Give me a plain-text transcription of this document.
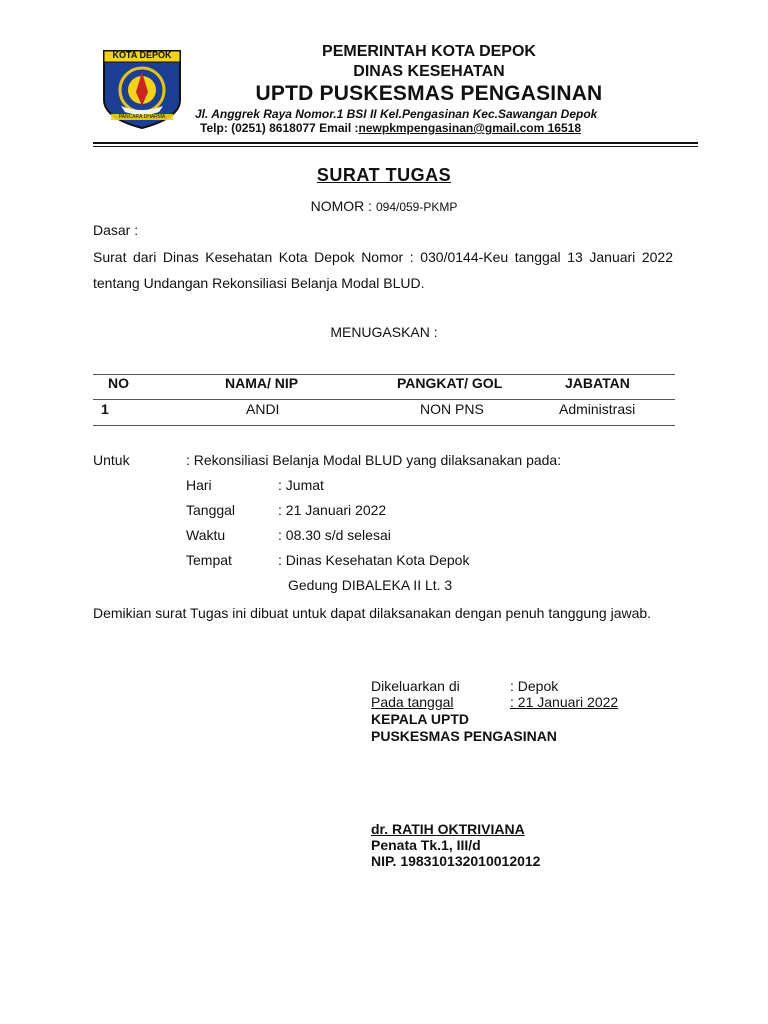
KOTA DEPOK
PANCARA DHARMA
PEMERINTAH KOTA DEPOK
DINAS KESEHATAN
UPTD PUSKESMAS PENGASINAN
Jl. Anggrek Raya Nomor.1 BSI II Kel.Pengasinan Kec.Sawangan Depok
Telp: (0251) 8618077 Email :newpkmpengasinan@gmail.com 16518
SURAT TUGAS
NOMOR : 094/059-PKMP
Dasar :
Surat dari Dinas Kesehatan Kota Depok Nomor : 030/0144-Keu tanggal 13 Januari 2022 tentang Undangan Rekonsiliasi Belanja Modal BLUD.
MENUGASKAN :
NO	NAMA/ NIP	PANGKAT/ GOL	JABATAN
1	ANDI	NON PNS	Administrasi
Untuk	: Rekonsiliasi Belanja Modal BLUD yang dilaksanakan pada:
Hari	: Jumat
Tanggal	: 21 Januari 2022
Waktu	: 08.30 s/d selesai
Tempat	: Dinas Kesehatan Kota Depok
Gedung DIBALEKA II Lt. 3
Demikian surat Tugas ini dibuat untuk dapat dilaksanakan dengan penuh tanggung jawab.
Dikeluarkan di	: Depok
Pada tanggal	: 21 Januari 2022
KEPALA UPTD
PUSKESMAS PENGASINAN
dr. RATIH OKTRIVIANA
Penata Tk.1, III/d
NIP. 198310132010012012
